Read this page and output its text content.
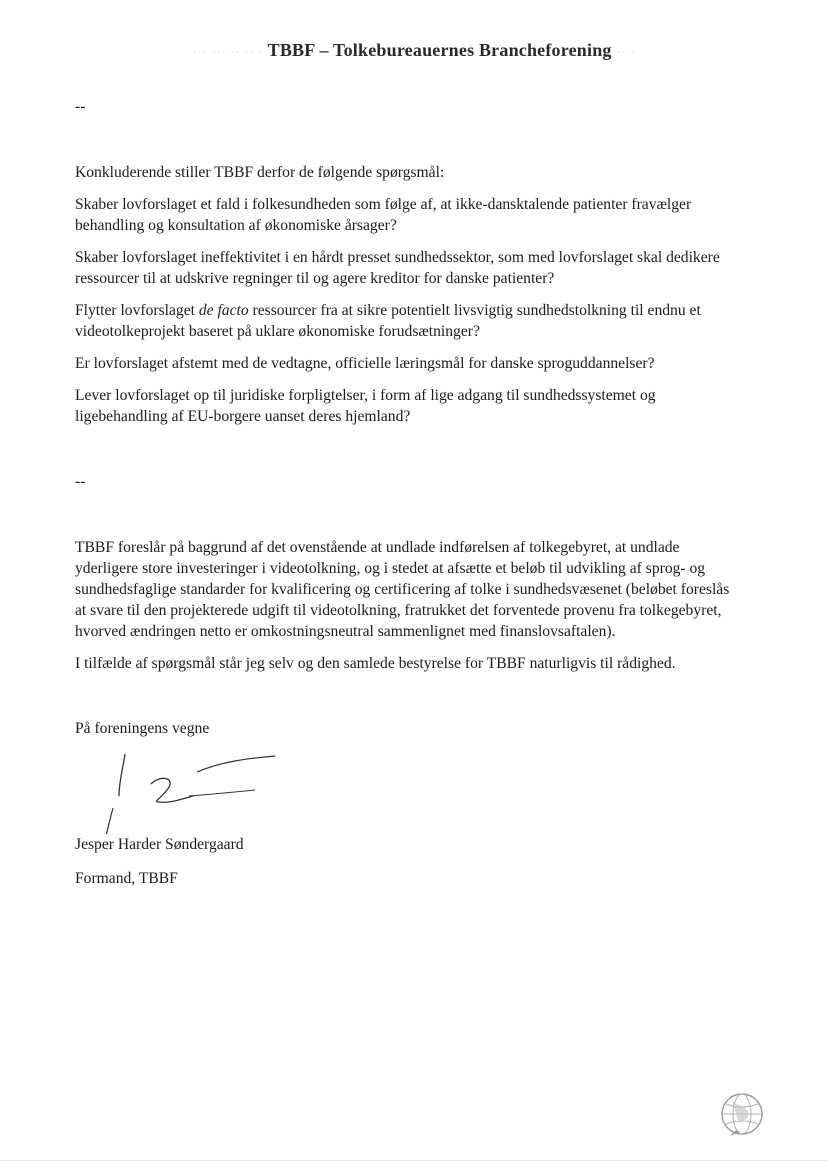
··· ··· ·· ·· · TBBF – Tolkebureauernes Brancheforening ·· ·
--

Konkluderende stiller TBBF derfor de følgende spørgsmål:

Skaber lovforslaget et fald i folkesundheden som følge af, at ikke-dansktalende patienter fravælger behandling og konsultation af økonomiske årsager?

Skaber lovforslaget ineffektivitet i en hårdt presset sundhedssektor, som med lovforslaget skal dedikere ressourcer til at udskrive regninger til og agere kreditor for danske patienter?

Flytter lovforslaget de facto ressourcer fra at sikre potentielt livsvigtig sundhedstolkning til endnu et videotolkeprojekt baseret på uklare økonomiske forudsætninger?

Er lovforslaget afstemt med de vedtagne, officielle læringsmål for danske sproguddannelser?

Lever lovforslaget op til juridiske forpligtelser, i form af lige adgang til sundhedssystemet og ligebehandling af EU-borgere uanset deres hjemland?

--

TBBF foreslår på baggrund af det ovenstående at undlade indførelsen af tolkegebyret, at undlade yderligere store investeringer i videotolkning, og i stedet at afsætte et beløb til udvikling af sprog- og sundhedsfaglige standarder for kvalificering og certificering af tolke i sundhedsvæsenet (beløbet foreslås at svare til den projekterede udgift til videotolkning, fratrukket det forventede provenu fra tolkegebyret, hvorved ændringen netto er omkostningsneutral sammenlignet med finanslovsaftalen).

I tilfælde af spørgsmål står jeg selv og den samlede bestyrelse for TBBF naturligvis til rådighed.

På foreningens vegne

Jesper Harder Søndergaard

Formand, TBBF
